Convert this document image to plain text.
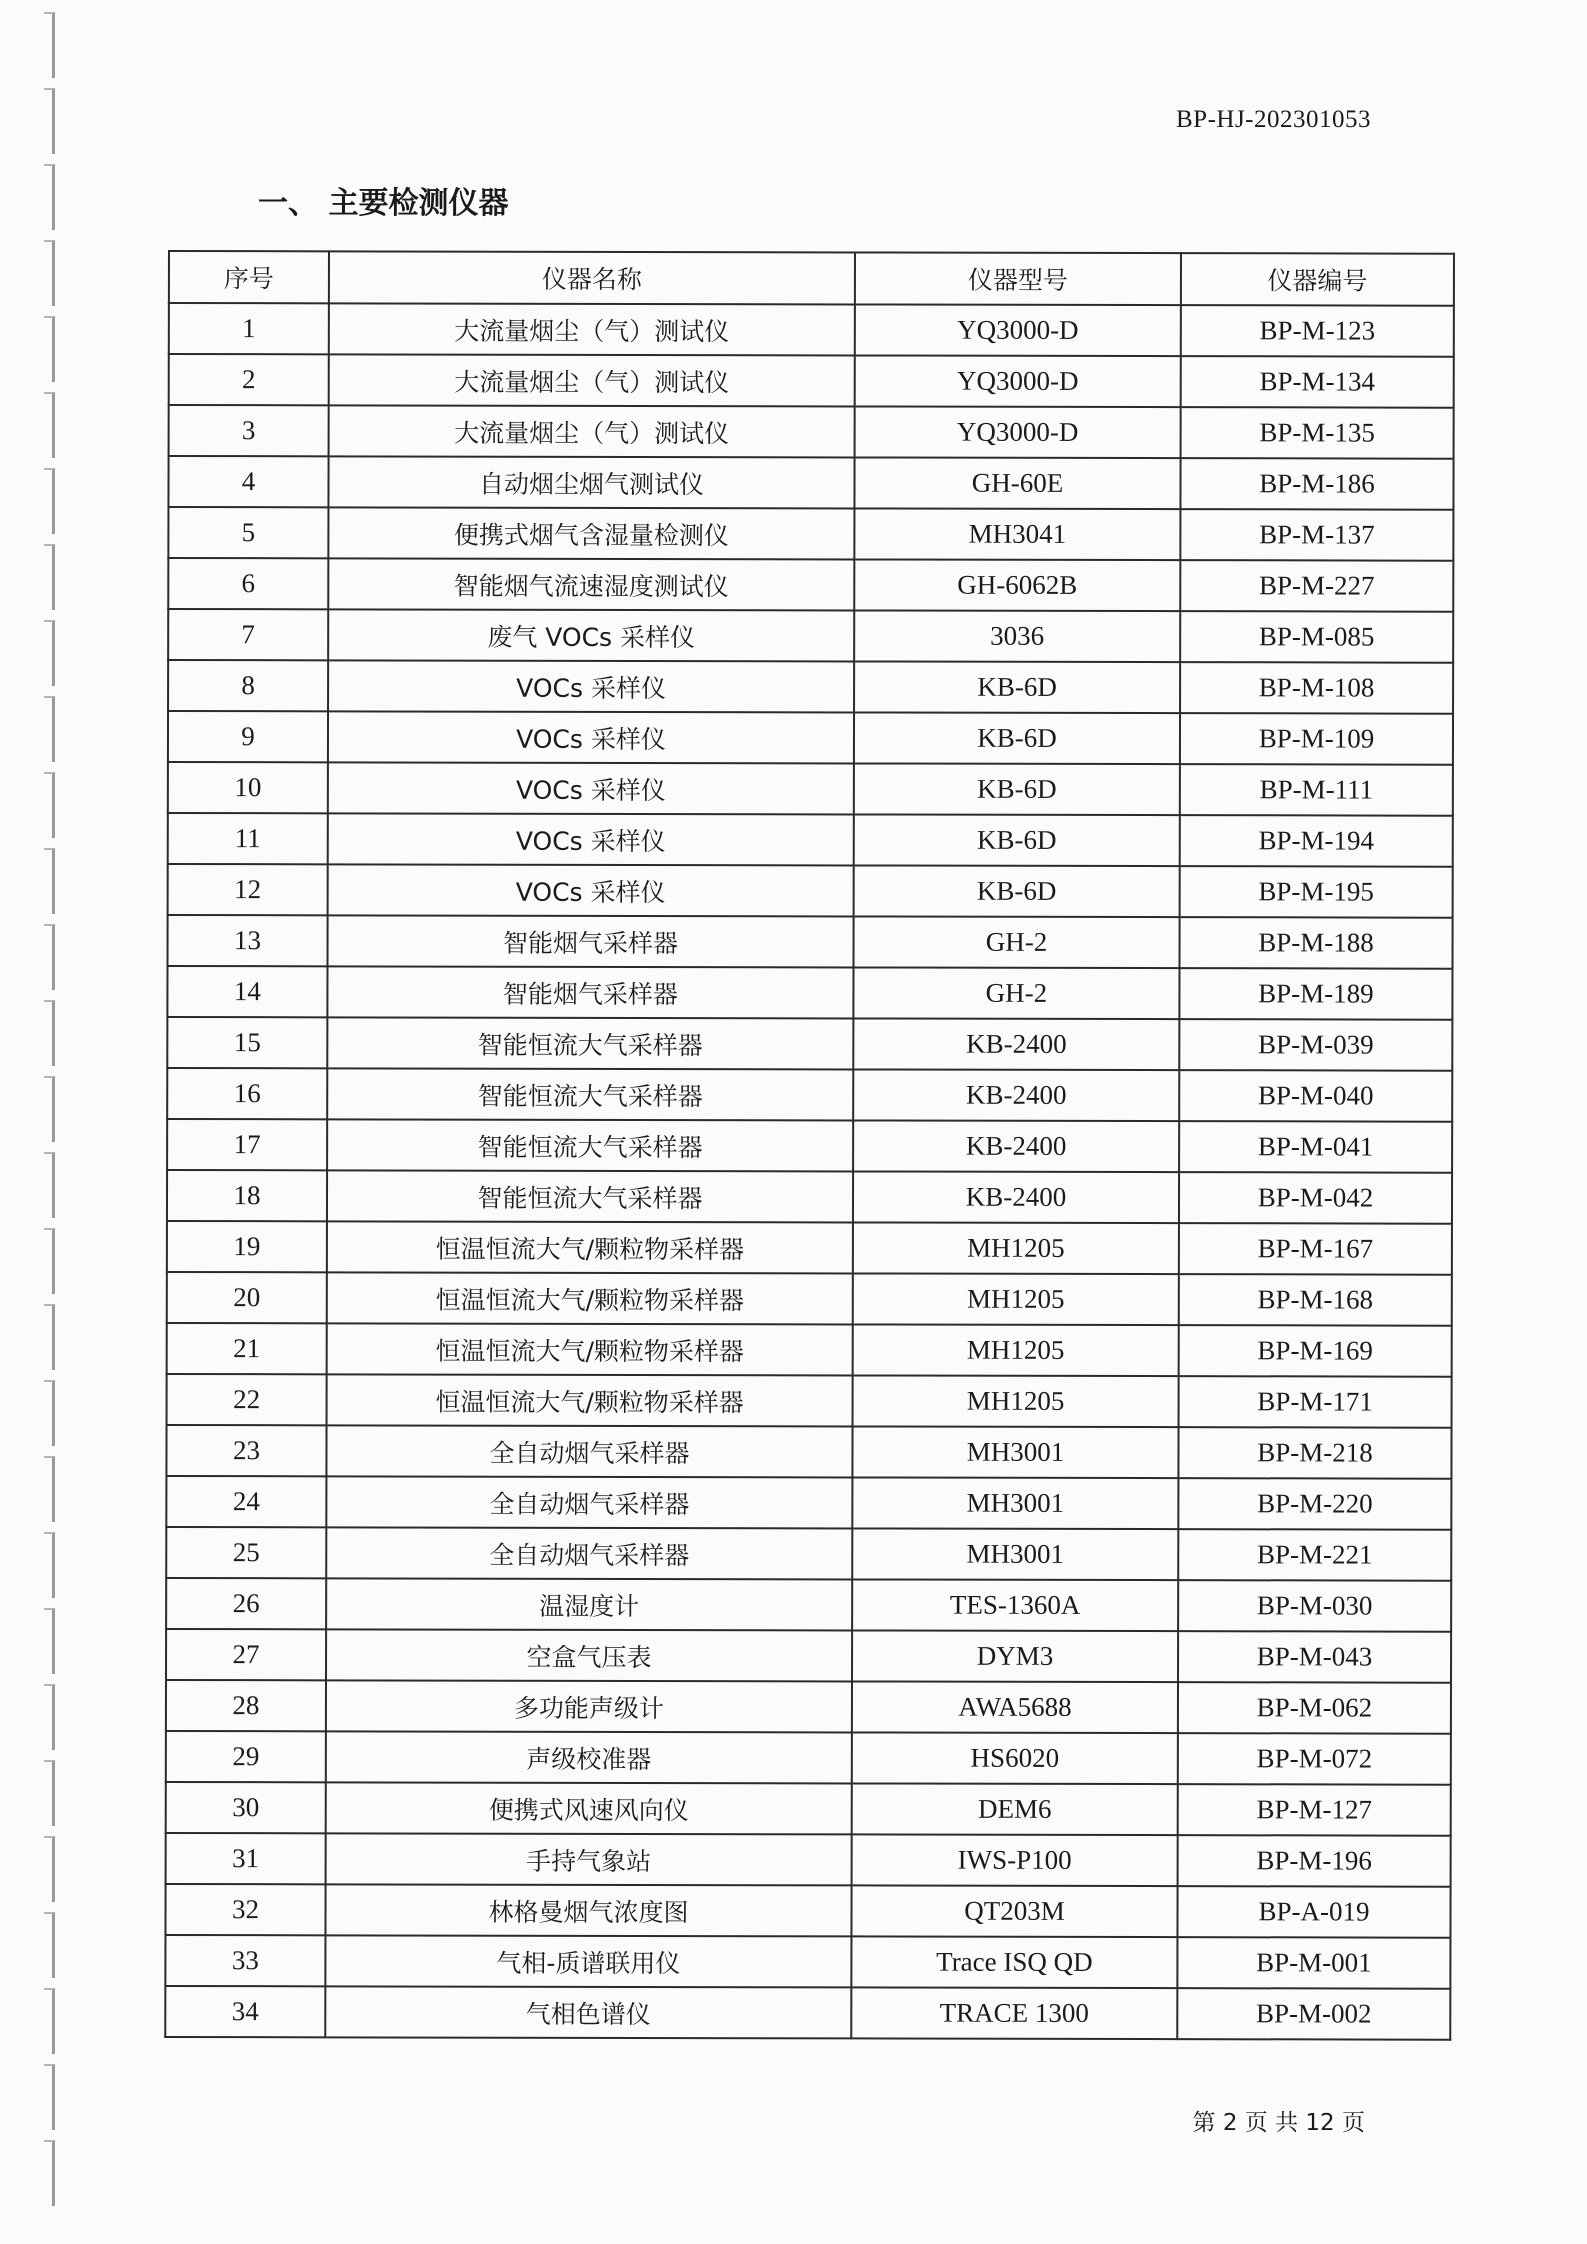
BP-HJ-202301053
一、 主要检测仪器
序号	仪器名称	仪器型号	仪器编号
1	大流量烟尘（气）测试仪	YQ3000-D	BP-M-123
2	大流量烟尘（气）测试仪	YQ3000-D	BP-M-134
3	大流量烟尘（气）测试仪	YQ3000-D	BP-M-135
4	自动烟尘烟气测试仪	GH-60E	BP-M-186
5	便携式烟气含湿量检测仪	MH3041	BP-M-137
6	智能烟气流速湿度测试仪	GH-6062B	BP-M-227
7	废气 VOCs 采样仪	3036	BP-M-085
8	VOCs 采样仪	KB-6D	BP-M-108
9	VOCs 采样仪	KB-6D	BP-M-109
10	VOCs 采样仪	KB-6D	BP-M-111
11	VOCs 采样仪	KB-6D	BP-M-194
12	VOCs 采样仪	KB-6D	BP-M-195
13	智能烟气采样器	GH-2	BP-M-188
14	智能烟气采样器	GH-2	BP-M-189
15	智能恒流大气采样器	KB-2400	BP-M-039
16	智能恒流大气采样器	KB-2400	BP-M-040
17	智能恒流大气采样器	KB-2400	BP-M-041
18	智能恒流大气采样器	KB-2400	BP-M-042
19	恒温恒流大气/颗粒物采样器	MH1205	BP-M-167
20	恒温恒流大气/颗粒物采样器	MH1205	BP-M-168
21	恒温恒流大气/颗粒物采样器	MH1205	BP-M-169
22	恒温恒流大气/颗粒物采样器	MH1205	BP-M-171
23	全自动烟气采样器	MH3001	BP-M-218
24	全自动烟气采样器	MH3001	BP-M-220
25	全自动烟气采样器	MH3001	BP-M-221
26	温湿度计	TES-1360A	BP-M-030
27	空盒气压表	DYM3	BP-M-043
28	多功能声级计	AWA5688	BP-M-062
29	声级校准器	HS6020	BP-M-072
30	便携式风速风向仪	DEM6	BP-M-127
31	手持气象站	IWS-P100	BP-M-196
32	林格曼烟气浓度图	QT203M	BP-A-019
33	气相-质谱联用仪	Trace ISQ QD	BP-M-001
34	气相色谱仪	TRACE 1300	BP-M-002
第 2 页 共 12 页
